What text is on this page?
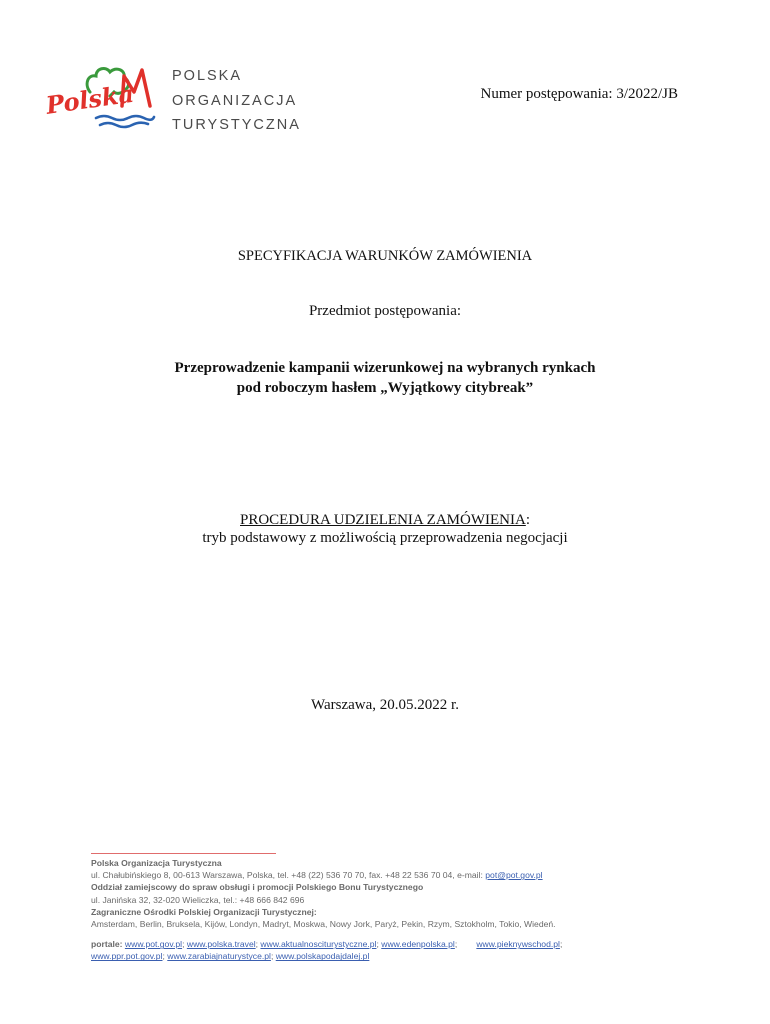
Polska
POLSKA
ORGANIZACJA
TURYSTYCZNA
Numer postępowania: 3/2022/JB
SPECYFIKACJA WARUNKÓW ZAMÓWIENIA
Przedmiot postępowania:
Przeprowadzenie kampanii wizerunkowej na wybranych rynkach
pod roboczym hasłem „Wyjątkowy citybreak”
PROCEDURA UDZIELENIA ZAMÓWIENIA:
tryb podstawowy z możliwością przeprowadzenia negocjacji
Warszawa, 20.05.2022 r.
Polska Organizacja Turystyczna
ul. Chałubińskiego 8, 00-613 Warszawa, Polska, tel. +48 (22) 536 70 70, fax. +48 22 536 70 04, e-mail: pot@pot.gov.pl
Oddział zamiejscowy do spraw obsługi i promocji Polskiego Bonu Turystycznego
ul. Janińska 32, 32-020 Wieliczka, tel.: +48 666 842 696
Zagraniczne Ośrodki Polskiej Organizacji Turystycznej:
Amsterdam, Berlin, Bruksela, Kijów, Londyn, Madryt, Moskwa, Nowy Jork, Paryż, Pekin, Rzym, Sztokholm, Tokio, Wiedeń.
portale: www.pot.gov.pl; www.polska.travel; www.aktualnosciturystyczne.pl; www.edenpolska.pl;        www.pieknywschod.pl;
www.ppr.pot.gov.pl; www.zarabiajnaturystyce.pl; www.polskapodajdalej.pl
